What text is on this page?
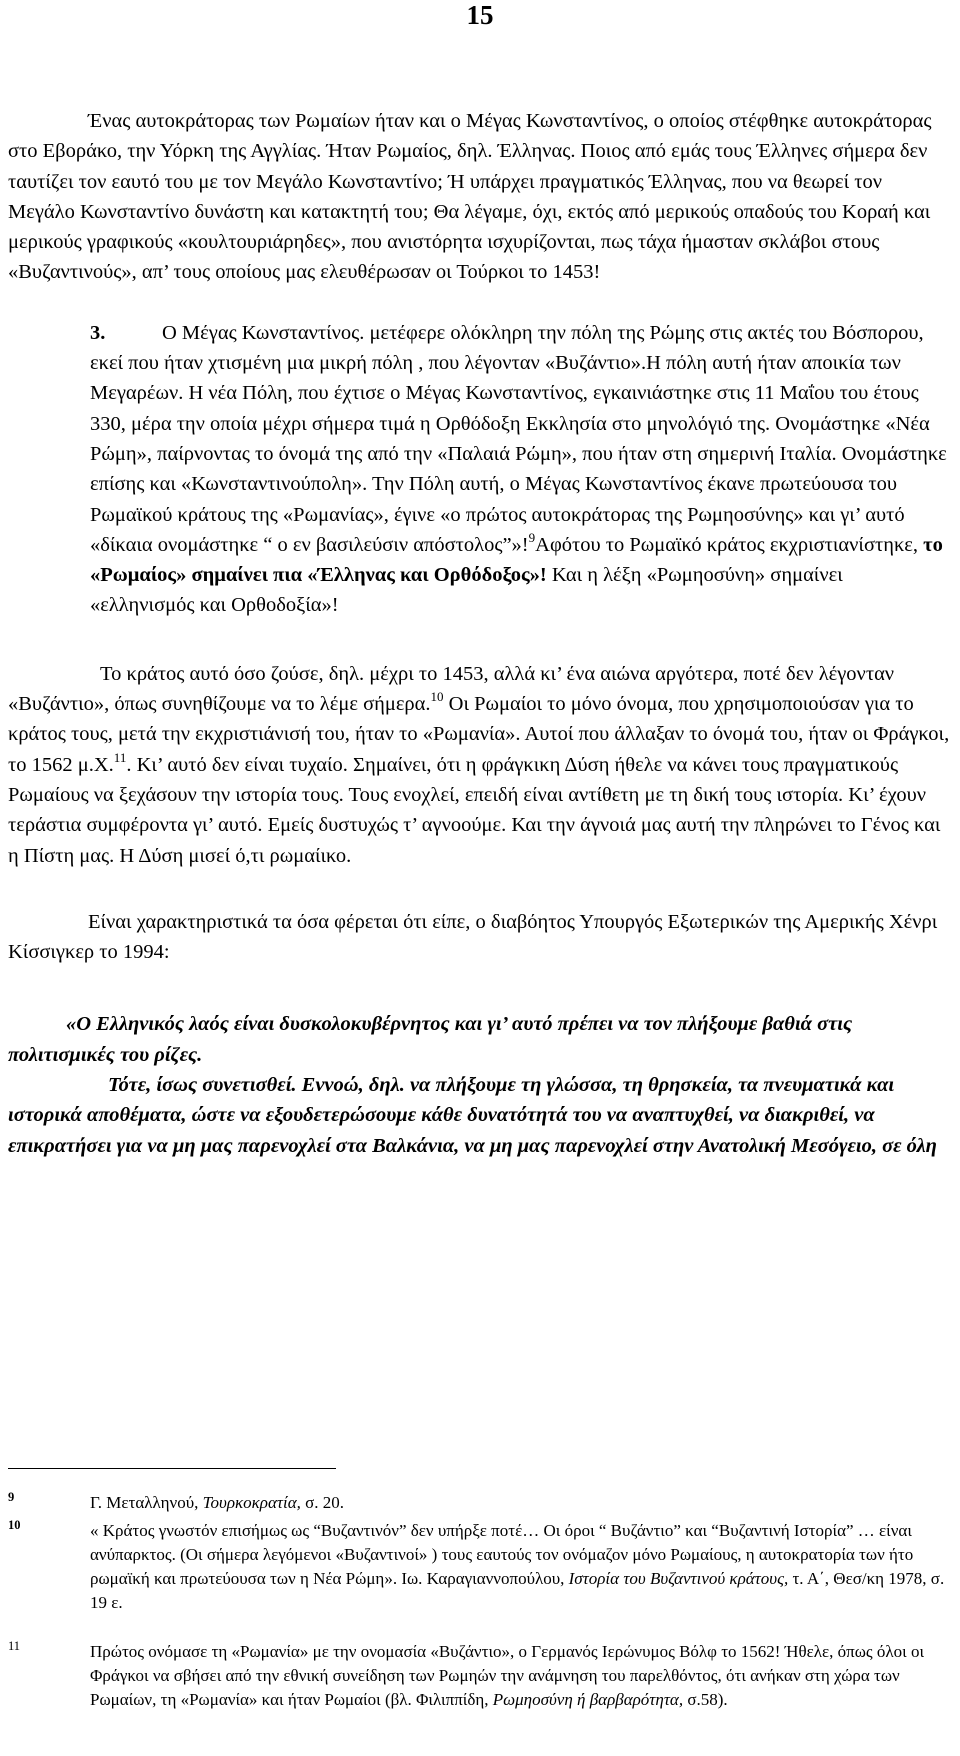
15

Ένας αυτοκράτορας των Ρωμαίων ήταν και ο Μέγας Κωνσταντίνος, ο οποίος στέφθηκε αυτοκράτορας στο Εβοράκο, την Υόρκη της Αγγλίας. Ήταν Ρωμαίος, δηλ. Έλληνας. Ποιος από εμάς τους Έλληνες σήμερα δεν ταυτίζει τον εαυτό του με τον Μεγάλο Κωνσταντίνο; Ή υπάρχει πραγματικός Έλληνας, που να θεωρεί τον Μεγάλο Κωνσταντίνο δυνάστη και κατακτητή του; Θα λέγαμε, όχι, εκτός από μερικούς οπαδούς του Κοραή και μερικούς γραφικούς «κουλτουριάρηδες», που ανιστόρητα ισχυρίζονται, πως τάχα ήμασταν σκλάβοι στους «Βυζαντινούς», απ’ τους οποίους μας ελευθέρωσαν οι Τούρκοι το 1453!

3.	Ο Μέγας Κωνσταντίνος. μετέφερε ολόκληρη την πόλη της Ρώμης στις ακτές του Βόσπορου, εκεί που ήταν χτισμένη μια μικρή πόλη , που λέγονταν «Βυζάντιο».Η πόλη αυτή ήταν αποικία των Μεγαρέων. Η νέα Πόλη, που έχτισε ο Μέγας Κωνσταντίνος, εγκαινιάστηκε στις 11 Μαΐου του έτους 330, μέρα την οποία μέχρι σήμερα τιμά η Ορθόδοξη Εκκλησία στο μηνολόγιό της. Ονομάστηκε «Νέα Ρώμη», παίρνοντας το όνομά της από την «Παλαιά Ρώμη», που ήταν στη σημερινή Ιταλία. Ονομάστηκε επίσης και «Κωνσταντινούπολη». Την Πόλη αυτή, ο Μέγας Κωνσταντίνος έκανε πρωτεύουσα του Ρωμαϊκού κράτους της «Ρωμανίας», έγινε «ο πρώτος αυτοκράτορας της Ρωμηοσύνης» και γι’ αυτό «δίκαια ονομάστηκε “ ο εν βασιλεύσιν απόστολος”»!$^9$Αφότου το Ρωμαϊκό κράτος εκχριστιανίστηκε, το «Ρωμαίος» σημαίνει πια «Έλληνας και Ορθόδοξος»! Και η λέξη «Ρωμηοσύνη» σημαίνει «ελληνισμός και Ορθοδοξία»!

Το κράτος αυτό όσο ζούσε, δηλ. μέχρι το 1453, αλλά κι’ ένα αιώνα αργότερα, ποτέ δεν λέγονταν «Βυζάντιο», όπως συνηθίζουμε να το λέμε σήμερα.$^{10}$ Οι Ρωμαίοι το μόνο όνομα, που χρησιμοποιούσαν για το κράτος τους, μετά την εκχριστιάνισή του, ήταν το «Ρωμανία». Αυτοί που άλλαξαν το όνομά του, ήταν οι Φράγκοι, το 1562 μ.Χ.$^{11}$. Κι’ αυτό δεν είναι τυχαίο. Σημαίνει, ότι η φράγκικη Δύση ήθελε να κάνει τους πραγματικούς Ρωμαίους να ξεχάσουν την ιστορία τους. Τους ενοχλεί, επειδή είναι αντίθετη με τη δική τους ιστορία. Κι’ έχουν τεράστια συμφέροντα γι’ αυτό. Εμείς δυστυχώς τ’ αγνοούμε. Και την άγνοιά μας αυτή την πληρώνει το Γένος και η Πίστη μας. Η Δύση μισεί ό,τι ρωμαίικο.

Είναι χαρακτηριστικά τα όσα φέρεται ότι είπε, ο διαβόητος Υπουργός Εξωτερικών της Αμερικής Χένρι Κίσσιγκερ το 1994:

«Ο Ελληνικός λαός είναι δυσκολοκυβέρνητος και γι’ αυτό πρέπει να τον πλήξουμε βαθιά στις πολιτισμικές του ρίζες.

Τότε, ίσως συνετισθεί. Εννοώ, δηλ. να πλήξουμε τη γλώσσα, τη θρησκεία, τα πνευματικά και ιστορικά αποθέματα, ώστε να εξουδετερώσουμε κάθε δυνατότητά του να αναπτυχθεί, να διακριθεί, να επικρατήσει για να μη μας παρενοχλεί στα Βαλκάνια, να μη μας παρενοχλεί στην Ανατολική Μεσόγειο, σε όλη

9	Γ. Μεταλληνού, Τουρκοκρατία, σ. 20.
10	« Κράτος γνωστόν επισήμως ως “Βυζαντινόν” δεν υπήρξε ποτέ… Οι όροι “ Βυζάντιο” και “Βυζαντινή Ιστορία” … είναι ανύπαρκτος. (Οι σήμερα λεγόμενοι «Βυζαντινοί» ) τους εαυτούς τον ονόμαζον μόνο Ρωμαίους, η αυτοκρατορία των ήτο ρωμαϊκή και πρωτεύουσα των η Νέα Ρώμη». Ιω. Καραγιαννοπούλου, Ιστορία του Βυζαντινού κράτους, τ. Α΄, Θεσ/κη 1978, σ. 19 ε.
11	Πρώτος ονόμασε τη «Ρωμανία» με την ονομασία «Βυζάντιο», ο Γερμανός Ιερώνυμος Βόλφ το 1562! Ήθελε, όπως όλοι οι Φράγκοι να σβήσει από την εθνική συνείδηση των Ρωμηών την ανάμνηση του παρελθόντος, ότι ανήκαν στη χώρα των Ρωμαίων, τη «Ρωμανία» και ήταν Ρωμαίοι (βλ. Φιλιππίδη, Ρωμηοσύνη ή βαρβαρότητα, σ.58).
